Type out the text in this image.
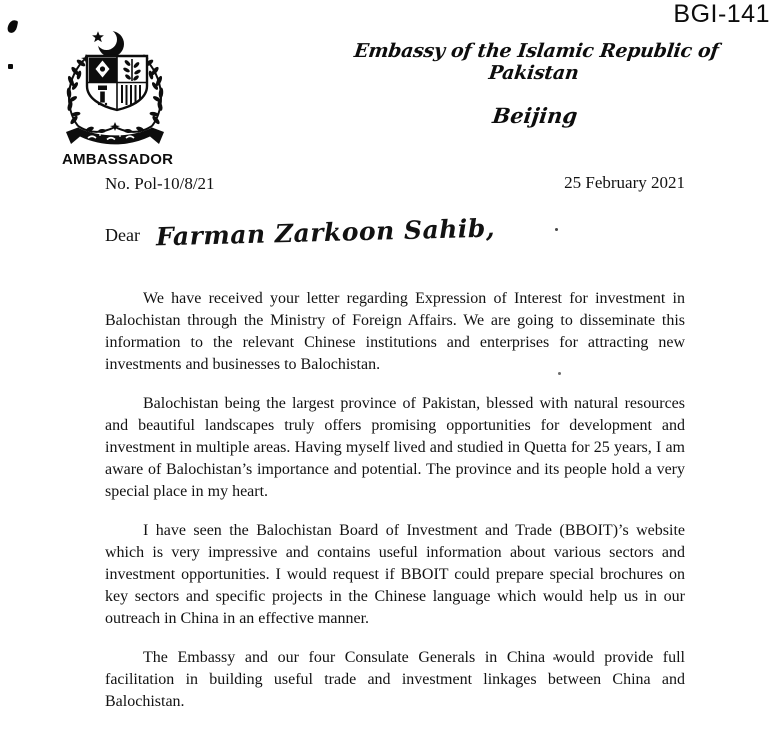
BGI-141
AMBASSADOR
Embassy of the Islamic Republic of Pakistan
Beijing
No. Pol-10/8/21	25 February 2021
Dear Farman Zarkoon Sahib,

We have received your letter regarding Expression of Interest for investment in Balochistan through the Ministry of Foreign Affairs. We are going to disseminate this information to the relevant Chinese institutions and enterprises for attracting new investments and businesses to Balochistan.

Balochistan being the largest province of Pakistan, blessed with natural resources and beautiful landscapes truly offers promising opportunities for development and investment in multiple areas. Having myself lived and studied in Quetta for 25 years, I am aware of Balochistan’s importance and potential. The province and its people hold a very special place in my heart.

I have seen the Balochistan Board of Investment and Trade (BBOIT)’s website which is very impressive and contains useful information about various sectors and investment opportunities. I would request if BBOIT could prepare special brochures on key sectors and specific projects in the Chinese language which would help us in our outreach in China in an effective manner.

The Embassy and our four Consulate Generals in China would provide full facilitation in building useful trade and investment linkages between China and Balochistan.
